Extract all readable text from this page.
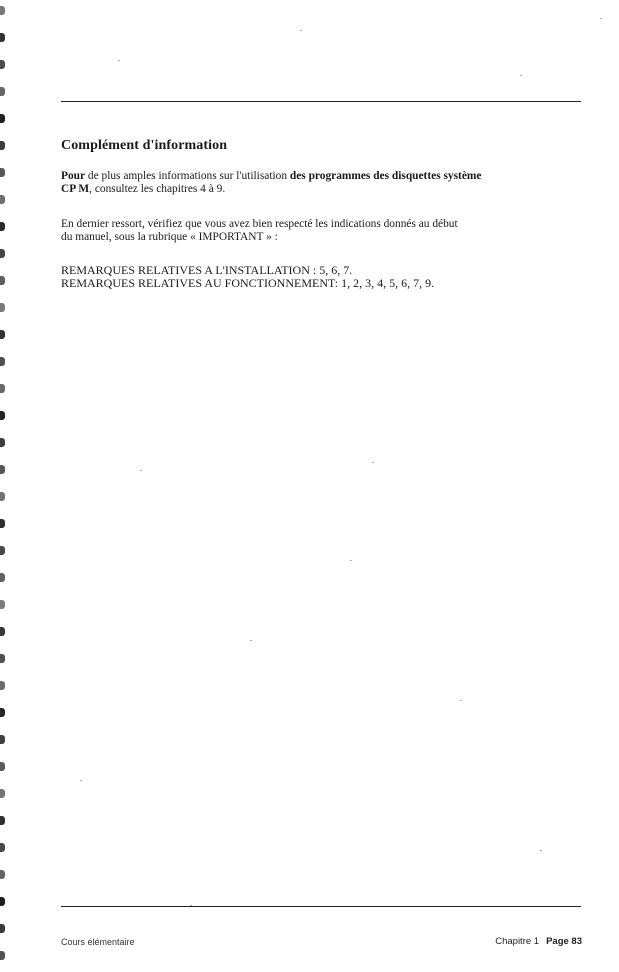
Complément d'information
Pour de plus amples informations sur l'utilisation des programmes des disquettes système
CP M, consultez les chapitres 4 à 9.
En dernier ressort, vérifiez que vous avez bien respecté les indications donnés au début
du manuel, sous la rubrique « IMPORTANT » :
REMARQUES RELATIVES A L'INSTALLATION : 5, 6, 7.
REMARQUES RELATIVES AU FONCTIONNEMENT: 1, 2, 3, 4, 5, 6, 7, 9.
Cours élémentaire	Chapitre 1 Page 83
